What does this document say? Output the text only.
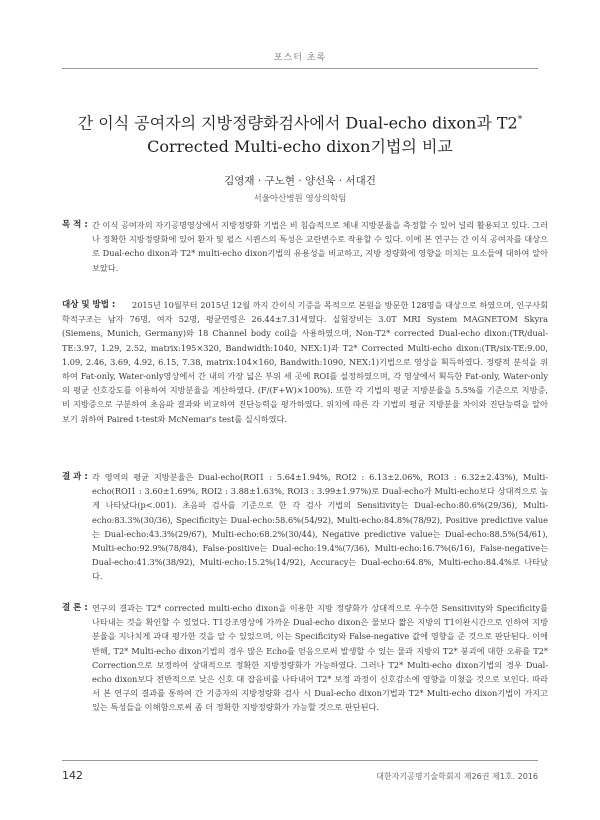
포스터 초록
간 이식 공여자의 지방정량화검사에서 Dual-echo dixon과 T2*
Corrected Multi-echo dixon기법의 비교
김영재 · 구노현 · 양선욱 · 서대건
서울아산병원 영상의학팀
목 적 : 간 이식 공여자의 자기공명영상에서 지방정량화 기법은 비 침습적으로 체내 지방분율을 측정할 수 있어 널리 활용되고 있다. 그러나 정확한 지방정량화에 있어 환자 및 펄스 시퀀스의 특성은 교란변수로 작용할 수 있다. 이에 본 연구는 간 이식 공여자를 대상으로 Dual-echo dixon과 T2* multi-echo dixon기법의 유용성을 비교하고, 지방 정량화에 영향을 미치는 요소들에 대하여 알아보았다.

대상 및 방법 :	2015년 10월부터 2015년 12월 까지 간이식 기증을 목적으로 본원을 방문한 128명을 대상으로 하였으며, 인구사회학적구조는 남자 76명, 여자 52명, 평균연령은 26.44±7.31세였다. 실험장비는 3.0T MRI System MAGNETOM Skyra (Siemens, Munich, Germany)와 18 Channel body coil을 사용하였으며, Non-T2* corrected Dual-echo dixon:(TR/dual-TE:3.97, 1.29, 2.52, matrix:195×320, Bandwidth:1040, NEX:1)과 T2* Corrected Multi-echo dixon:(TR/six-TE:9.00, 1.09, 2.46, 3.69, 4.92, 6.15, 7.38, matrix:104×160, Bandwith:1090, NEX:1)기법으로 영상을 획득하였다. 정량적 분석을 위하여 Fat-only, Water-only영상에서 간 내의 가장 넓은 부위 세 곳에 ROI를 설정하였으며, 각 영상에서 획득한 Fat-only, Water-only의 평균 신호강도를 이용하여 지방분율을 계산하였다. (F/(F+W)×100%). 또한 각 기법의 평균 지방분율을 5.5%를 기준으로 지방증, 비 지방증으로 구분하여 초음파 결과와 비교하여 진단능력을 평가하였다. 위치에 따른 각 기법의 평균 지방분율 차이와 진단능력을 알아보기 위하여 Paired t-test와 McNemar's test를 실시하였다.

결 과 : 각 영역의 평균 지방분율은 Dual-echo(ROI1 : 5.64±1.94%, ROI2 : 6.13±2.06%, ROI3 : 6.32±2.43%), Multi-echo(ROI1 : 3.60±1.69%, ROI2 : 3.88±1.63%, ROI3 : 3.99±1.97%)로 Dual-echo가 Multi-echo보다 상대적으로 높게 나타났다(p<.001). 초음파 검사를 기준으로 한 각 검사 기법의 Sensitivity는 Dual-echo:80.6%(29/36), Multi-echo:83.3%(30/36), Specificity는 Dual-echo:58.6%(54/92), Multi-echo:84.8%(78/92), Positive predictive value는 Dual-echo:43.3%(29/67), Multi-echo:68.2%(30/44), Negative predictive value는 Dual-echo:88.5%(54/61), Multi-echo:92.9%(78/84), False-positive는 Dual-echo:19.4%(7/36), Multi-echo:16.7%(6/16), False-negative는 Dual-echo:41.3%(38/92), Multi-echo:15.2%(14/92), Accuracy는 Dual-echo:64.8%, Multi-echo:84.4%로 나타났다.

결 론 : 연구의 결과는 T2* corrected multi-echo dixon을 이용한 지방 정량화가 상대적으로 우수한 Sensitivity와 Specificity를 나타내는 것을 확인할 수 있었다. T1강조영상에 가까운 Dual-echo dixon은 물보다 짧은 지방의 T1이완시간으로 인하여 지방분율을 지나치게 과대 평가한 것을 알 수 있었으며, 이는 Specificity와 False-negative 값에 영향을 준 것으로 판단된다. 이에 반해, T2* Multi-echo dixon기법의 경우 많은 Echo를 얻음으로써 발생할 수 있는 물과 지방의 T2* 붕괴에 대한 오류를 T2* Correction으로 보정하여 상대적으로 정확한 지방정량화가 가능하였다. 그러나 T2* Multi-echo dixon기법의 경우 Dual-echo dixon보다 전반적으로 낮은 신호 대 잡음비를 나타내어 T2* 보정 과정이 신호감소에 영향을 미쳤을 것으로 보인다. 따라서 본 연구의 결과를 통하여 간 기증자의 지방정량화 검사 시 Dual-echo dixon기법과 T2* Multi-echo dixon기법이 가지고 있는 특성들을 이해함으로써 좀 더 정확한 지방정량화가 가능할 것으로 판단된다.

142	대한자기공명기술학회지 제26권 제1호. 2016
